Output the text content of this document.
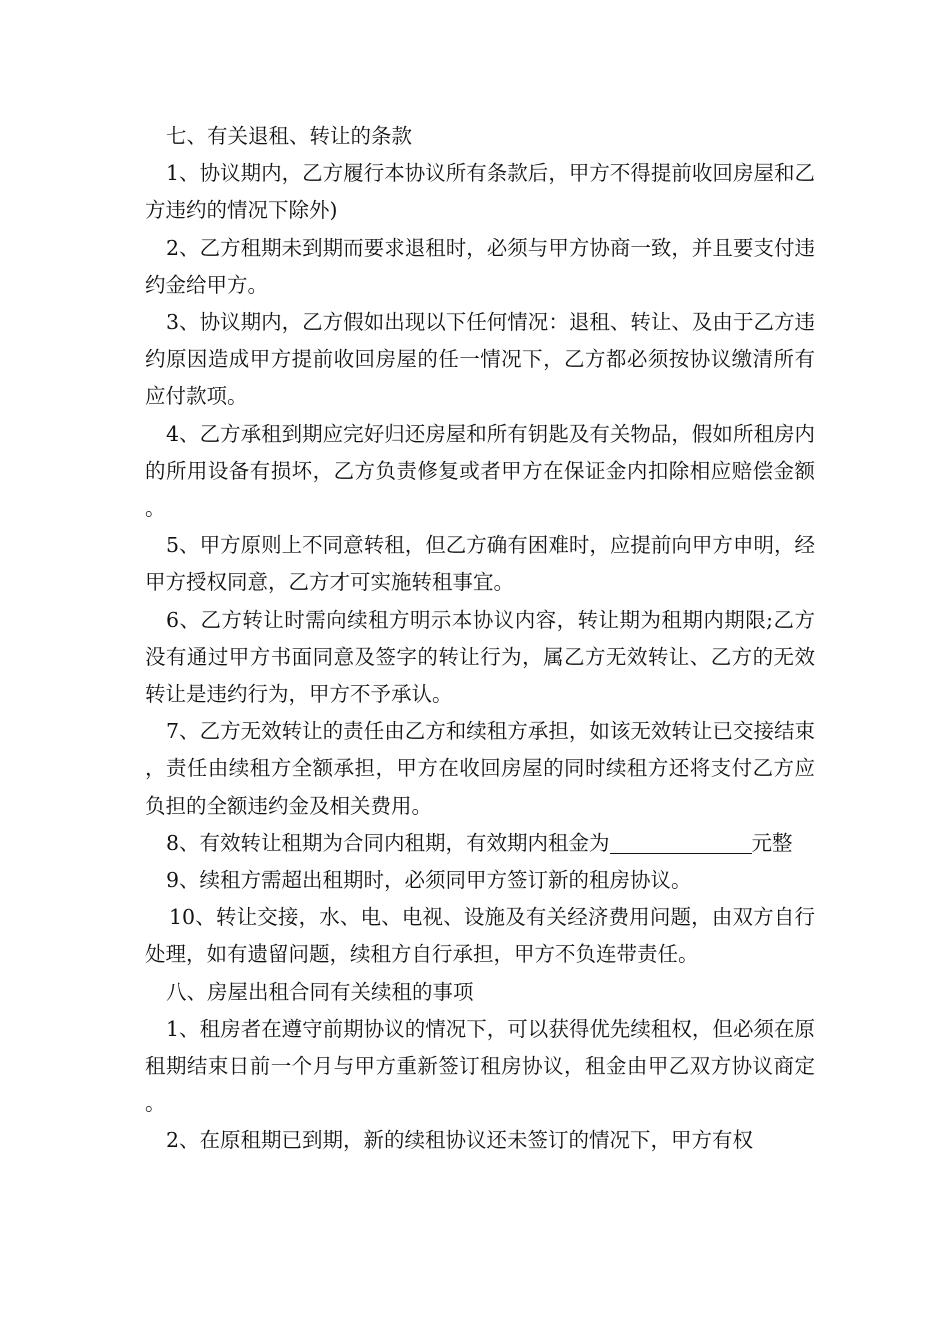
七、有关退租、转让的条款

1、协议期内，乙方履行本协议所有条款后，甲方不得提前收回房屋和乙方违约的情况下除外)

2、乙方租期未到期而要求退租时，必须与甲方协商一致，并且要支付违约金给甲方。

3、协议期内，乙方假如出现以下任何情况：退租、转让、及由于乙方违约原因造成甲方提前收回房屋的任一情况下，乙方都必须按协议缴清所有应付款项。

4、乙方承租到期应完好归还房屋和所有钥匙及有关物品，假如所租房内的所用设备有损坏，乙方负责修复或者甲方在保证金内扣除相应赔偿金额。

5、甲方原则上不同意转租，但乙方确有困难时，应提前向甲方申明，经甲方授权同意，乙方才可实施转租事宜。

6、乙方转让时需向续租方明示本协议内容，转让期为租期内期限;乙方没有通过甲方书面同意及签字的转让行为，属乙方无效转让、乙方的无效转让是违约行为，甲方不予承认。

7、乙方无效转让的责任由乙方和续租方承担，如该无效转让已交接结束，责任由续租方全额承担，甲方在收回房屋的同时续租方还将支付乙方应负担的全额违约金及相关费用。

8、有效转让租期为合同内租期，有效期内租金为	元整

9、续租方需超出租期时，必须同甲方签订新的租房协议。

10、转让交接，水、电、电视、设施及有关经济费用问题，由双方自行处理，如有遗留问题，续租方自行承担，甲方不负连带责任。

八、房屋出租合同有关续租的事项

1、租房者在遵守前期协议的情况下，可以获得优先续租权，但必须在原租期结束日前一个月与甲方重新签订租房协议，租金由甲乙双方协议商定。

2、在原租期已到期，新的续租协议还未签订的情况下，甲方有权
